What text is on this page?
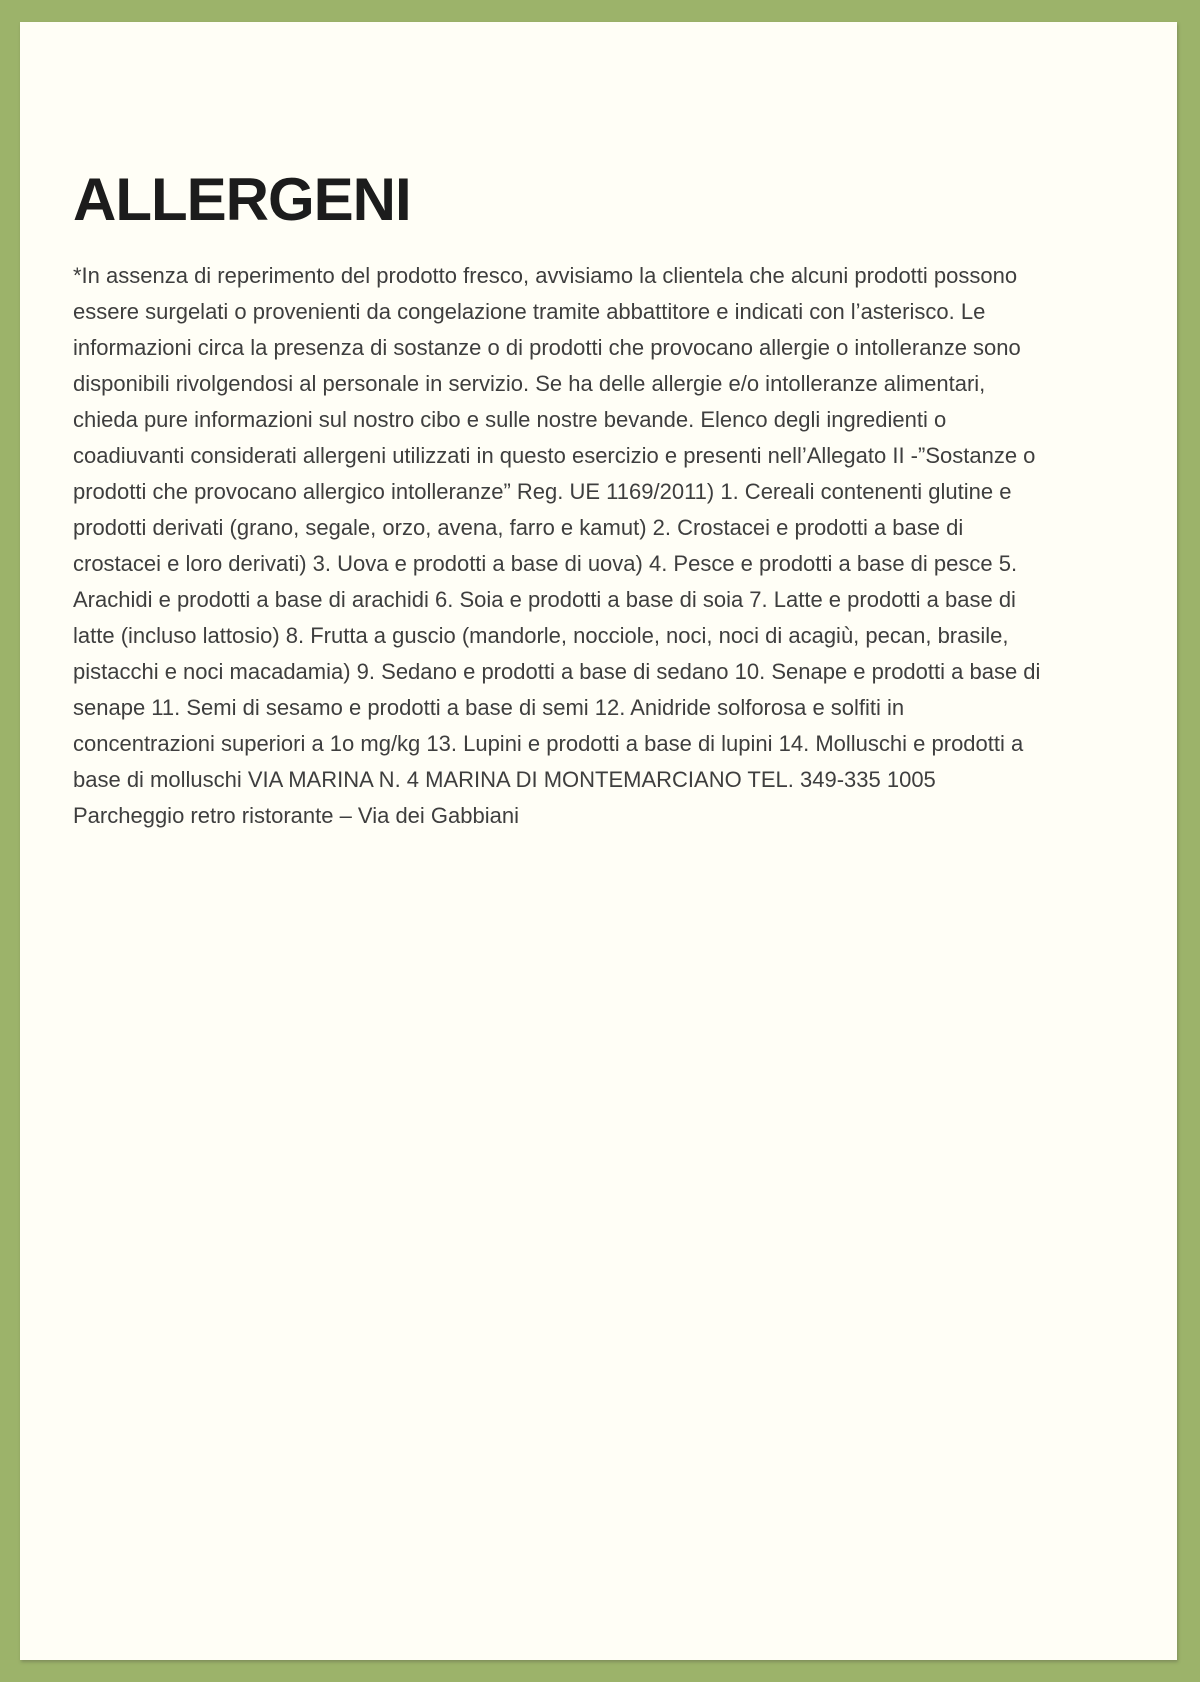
ALLERGENI

*In assenza di reperimento del prodotto fresco, avvisiamo la clientela che alcuni prodotti possono essere surgelati o provenienti da congelazione tramite abbattitore e indicati con l’asterisco. Le informazioni circa la presenza di sostanze o di prodotti che provocano allergie o intolleranze sono disponibili rivolgendosi al personale in servizio. Se ha delle allergie e/o intolleranze alimentari, chieda pure informazioni sul nostro cibo e sulle nostre bevande. Elenco degli ingredienti o coadiuvanti considerati allergeni utilizzati in questo esercizio e presenti nell’Allegato II -”Sostanze o prodotti che provocano allergico intolleranze” Reg. UE 1169/2011) 1. Cereali contenenti glutine e prodotti derivati (grano, segale, orzo, avena, farro e kamut) 2. Crostacei e prodotti a base di crostacei e loro derivati) 3. Uova e prodotti a base di uova) 4. Pesce e prodotti a base di pesce 5. Arachidi e prodotti a base di arachidi 6. Soia e prodotti a base di soia 7. Latte e prodotti a base di latte (incluso lattosio) 8. Frutta a guscio (mandorle, nocciole, noci, noci di acagiù, pecan, brasile, pistacchi e noci macadamia) 9. Sedano e prodotti a base di sedano 10. Senape e prodotti a base di senape 11. Semi di sesamo e prodotti a base di semi 12. Anidride solforosa e solfiti in concentrazioni superiori a 1o mg/kg 13. Lupini e prodotti a base di lupini 14. Molluschi e prodotti a base di molluschi VIA MARINA N. 4 MARINA DI MONTEMARCIANO TEL. 349-335 1005 Parcheggio retro ristorante – Via dei Gabbiani
